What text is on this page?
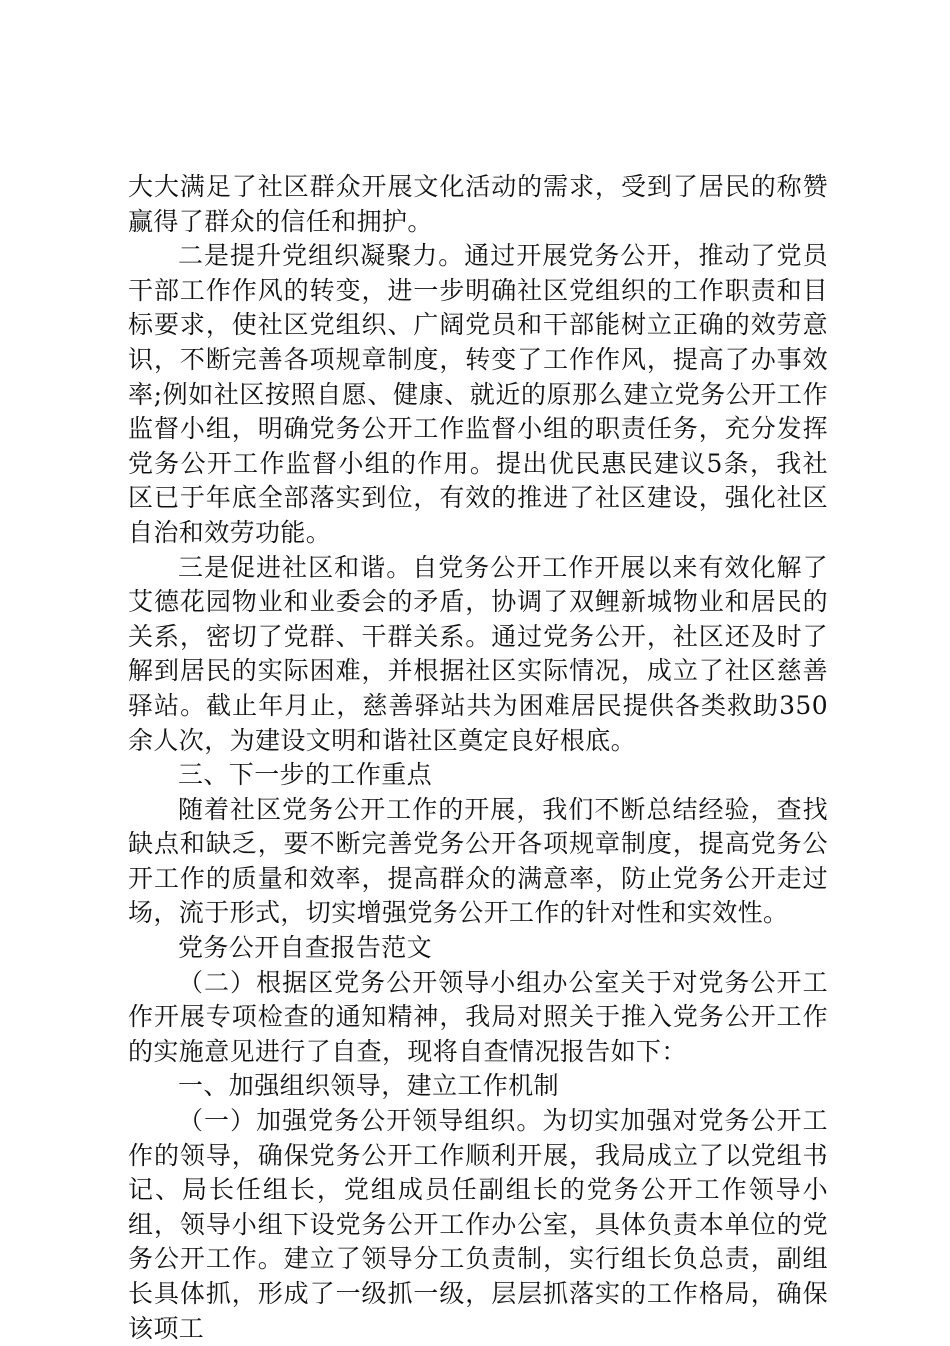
大大满足了社区群众开展文化活动的需求，受到了居民的称赞赢得了群众的信任和拥护。

二是提升党组织凝聚力。通过开展党务公开，推动了党员干部工作作风的转变，进一步明确社区党组织的工作职责和目标要求，使社区党组织、广阔党员和干部能树立正确的效劳意识，不断完善各项规章制度，转变了工作作风，提高了办事效率;例如社区按照自愿、健康、就近的原那么建立党务公开工作监督小组，明确党务公开工作监督小组的职责任务，充分发挥党务公开工作监督小组的作用。提出优民惠民建议5条，我社区已于年底全部落实到位，有效的推进了社区建设，强化社区自治和效劳功能。

三是促进社区和谐。自党务公开工作开展以来有效化解了艾德花园物业和业委会的矛盾，协调了双鲤新城物业和居民的关系，密切了党群、干群关系。通过党务公开，社区还及时了解到居民的实际困难，并根据社区实际情况，成立了社区慈善驿站。截止年月止，慈善驿站共为困难居民提供各类救助350余人次，为建设文明和谐社区奠定良好根底。

三、下一步的工作重点

随着社区党务公开工作的开展，我们不断总结经验，查找缺点和缺乏，要不断完善党务公开各项规章制度，提高党务公开工作的质量和效率，提高群众的满意率，防止党务公开走过场，流于形式，切实增强党务公开工作的针对性和实效性。

党务公开自查报告范文

（二）根据区党务公开领导小组办公室关于对党务公开工作开展专项检查的通知精神，我局对照关于推入党务公开工作的实施意见进行了自查，现将自查情况报告如下：

一、加强组织领导，建立工作机制

（一）加强党务公开领导组织。为切实加强对党务公开工作的领导，确保党务公开工作顺利开展，我局成立了以党组书记、局长任组长，党组成员任副组长的党务公开工作领导小组，领导小组下设党务公开工作办公室，具体负责本单位的党务公开工作。建立了领导分工负责制，实行组长负总责，副组长具体抓，形成了一级抓一级，层层抓落实的工作格局，确保该项工
